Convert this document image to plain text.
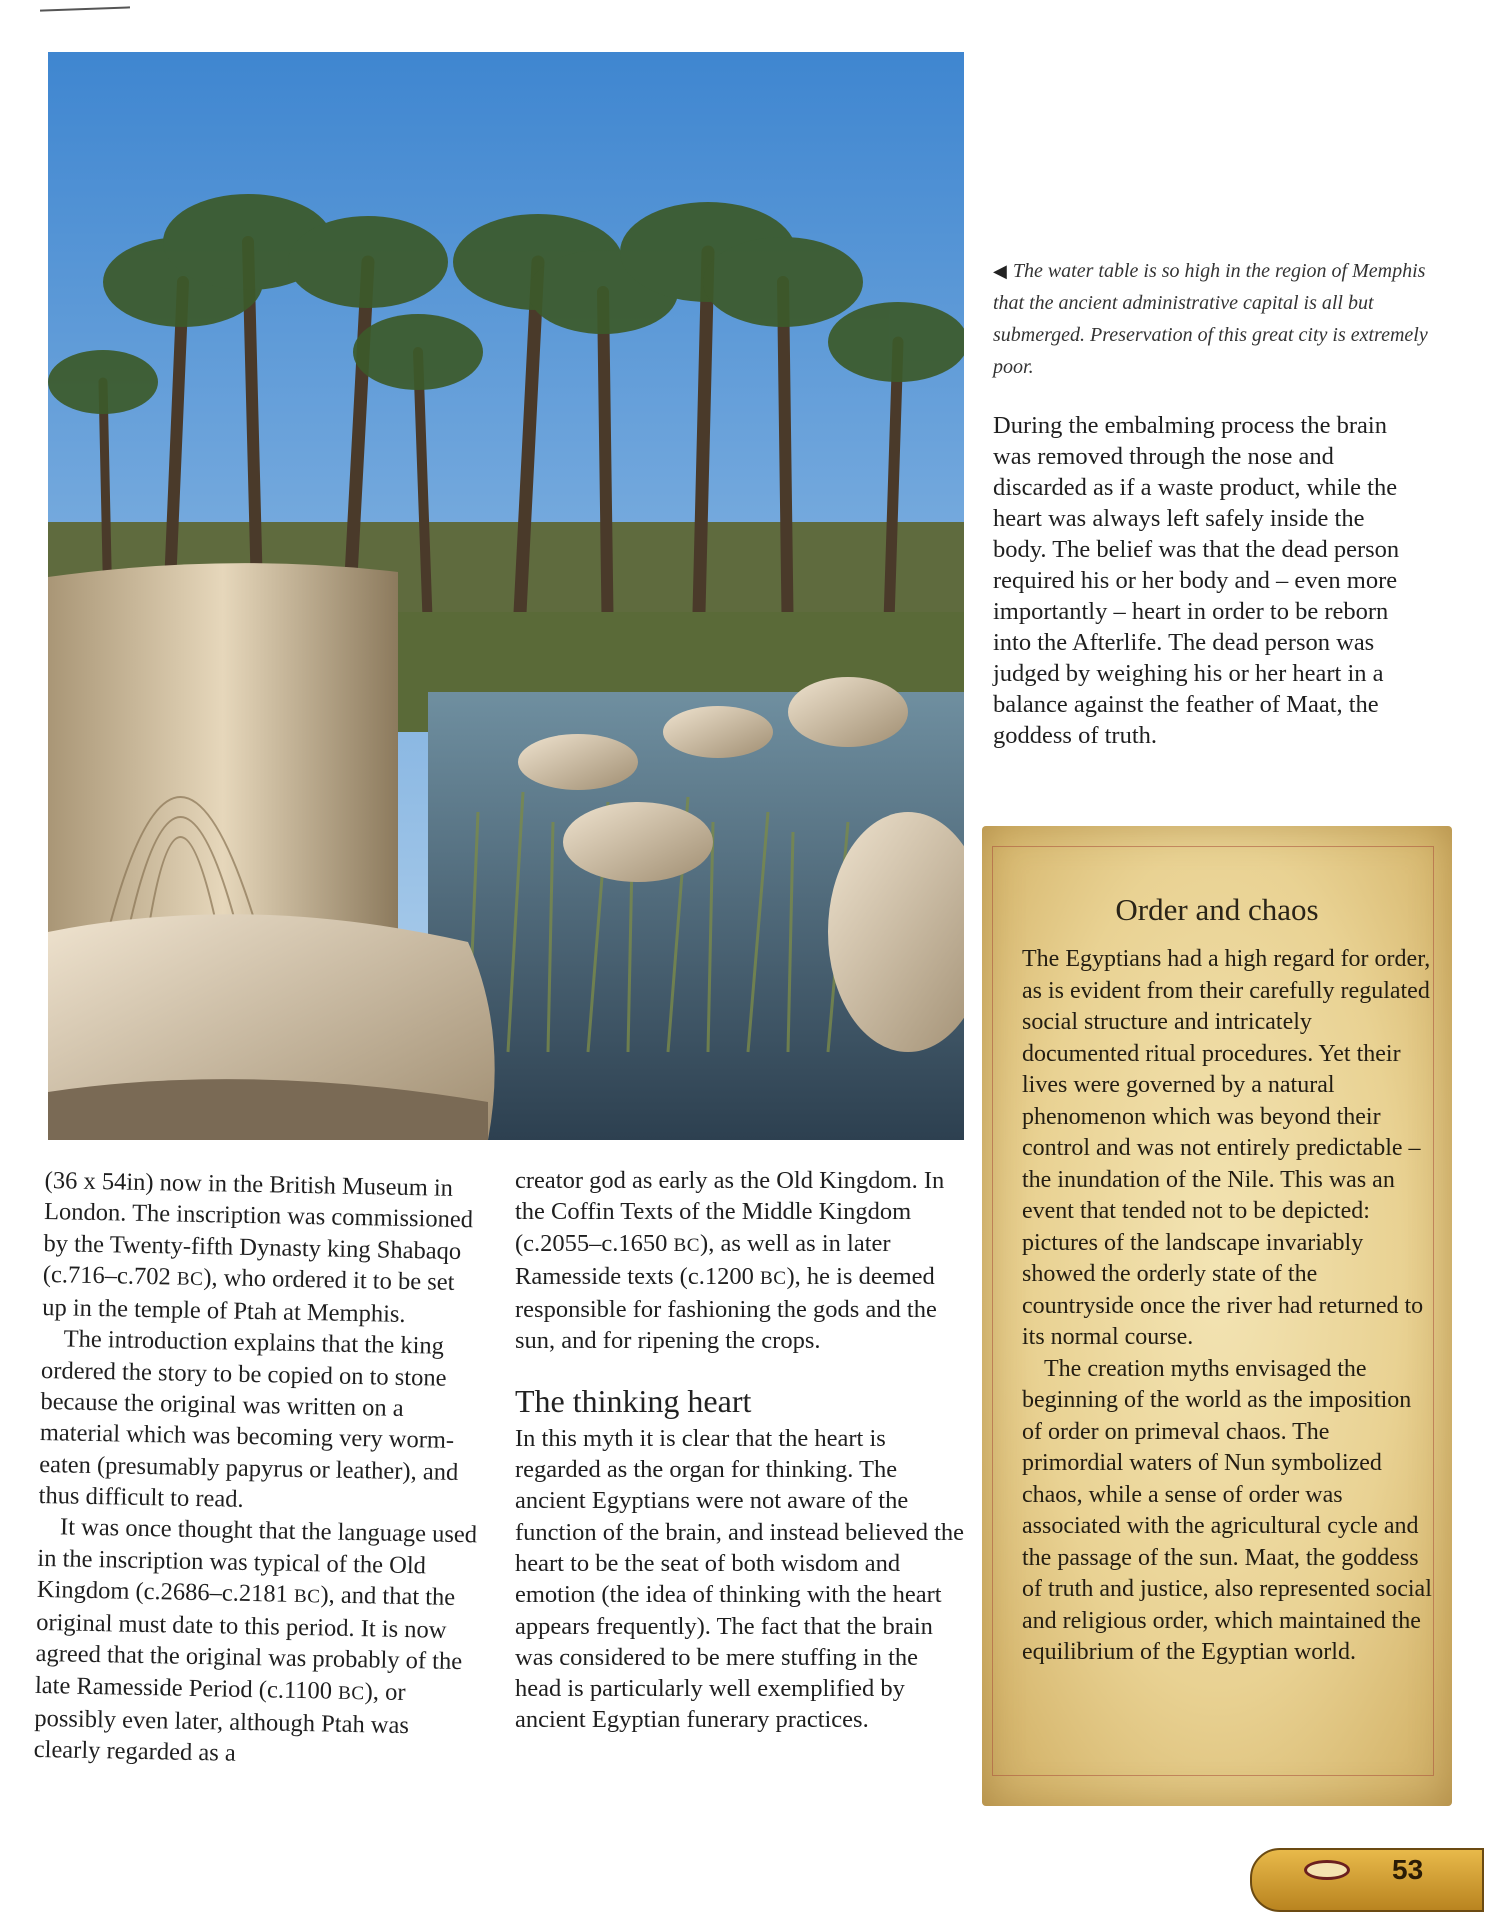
◀ The water table is so high in the region of Memphis that the ancient administrative capital is all but submerged. Preservation of this great city is extremely poor.

During the embalming process the brain was removed through the nose and discarded as if a waste product, while the heart was always left safely inside the body. The belief was that the dead person required his or her body and – even more importantly – heart in order to be reborn into the Afterlife. The dead person was judged by weighing his or her heart in a balance against the feather of Maat, the goddess of truth.

(36 x 54in) now in the British Museum in London. The inscription was commissioned by the Twenty-fifth Dynasty king Shabaqo (c.716–c.702 BC), who ordered it to be set up in the temple of Ptah at Memphis.

The introduction explains that the king ordered the story to be copied on to stone because the original was written on a material which was becoming very worm-eaten (presumably papyrus or leather), and thus difficult to read.

It was once thought that the language used in the inscription was typical of the Old Kingdom (c.2686–c.2181 BC), and that the original must date to this period. It is now agreed that the original was probably of the late Ramesside Period (c.1100 BC), or possibly even later, although Ptah was clearly regarded as a

creator god as early as the Old Kingdom. In the Coffin Texts of the Middle Kingdom (c.2055–c.1650 BC), as well as in later Ramesside texts (c.1200 BC), he is deemed responsible for fashioning the gods and the sun, and for ripening the crops.

The thinking heart

In this myth it is clear that the heart is regarded as the organ for thinking. The ancient Egyptians were not aware of the function of the brain, and instead believed the heart to be the seat of both wisdom and emotion (the idea of thinking with the heart appears frequently). The fact that the brain was considered to be mere stuffing in the head is particularly well exemplified by ancient Egyptian funerary practices.

Order and chaos

The Egyptians had a high regard for order, as is evident from their carefully regulated social structure and intricately documented ritual procedures. Yet their lives were governed by a natural phenomenon which was beyond their control and was not entirely predictable – the inundation of the Nile. This was an event that tended not to be depicted: pictures of the landscape invariably showed the orderly state of the countryside once the river had returned to its normal course.

The creation myths envisaged the beginning of the world as the imposition of order on primeval chaos. The primordial waters of Nun symbolized chaos, while a sense of order was associated with the agricultural cycle and the passage of the sun. Maat, the goddess of truth and justice, also represented social and religious order, which maintained the equilibrium of the Egyptian world.

53
